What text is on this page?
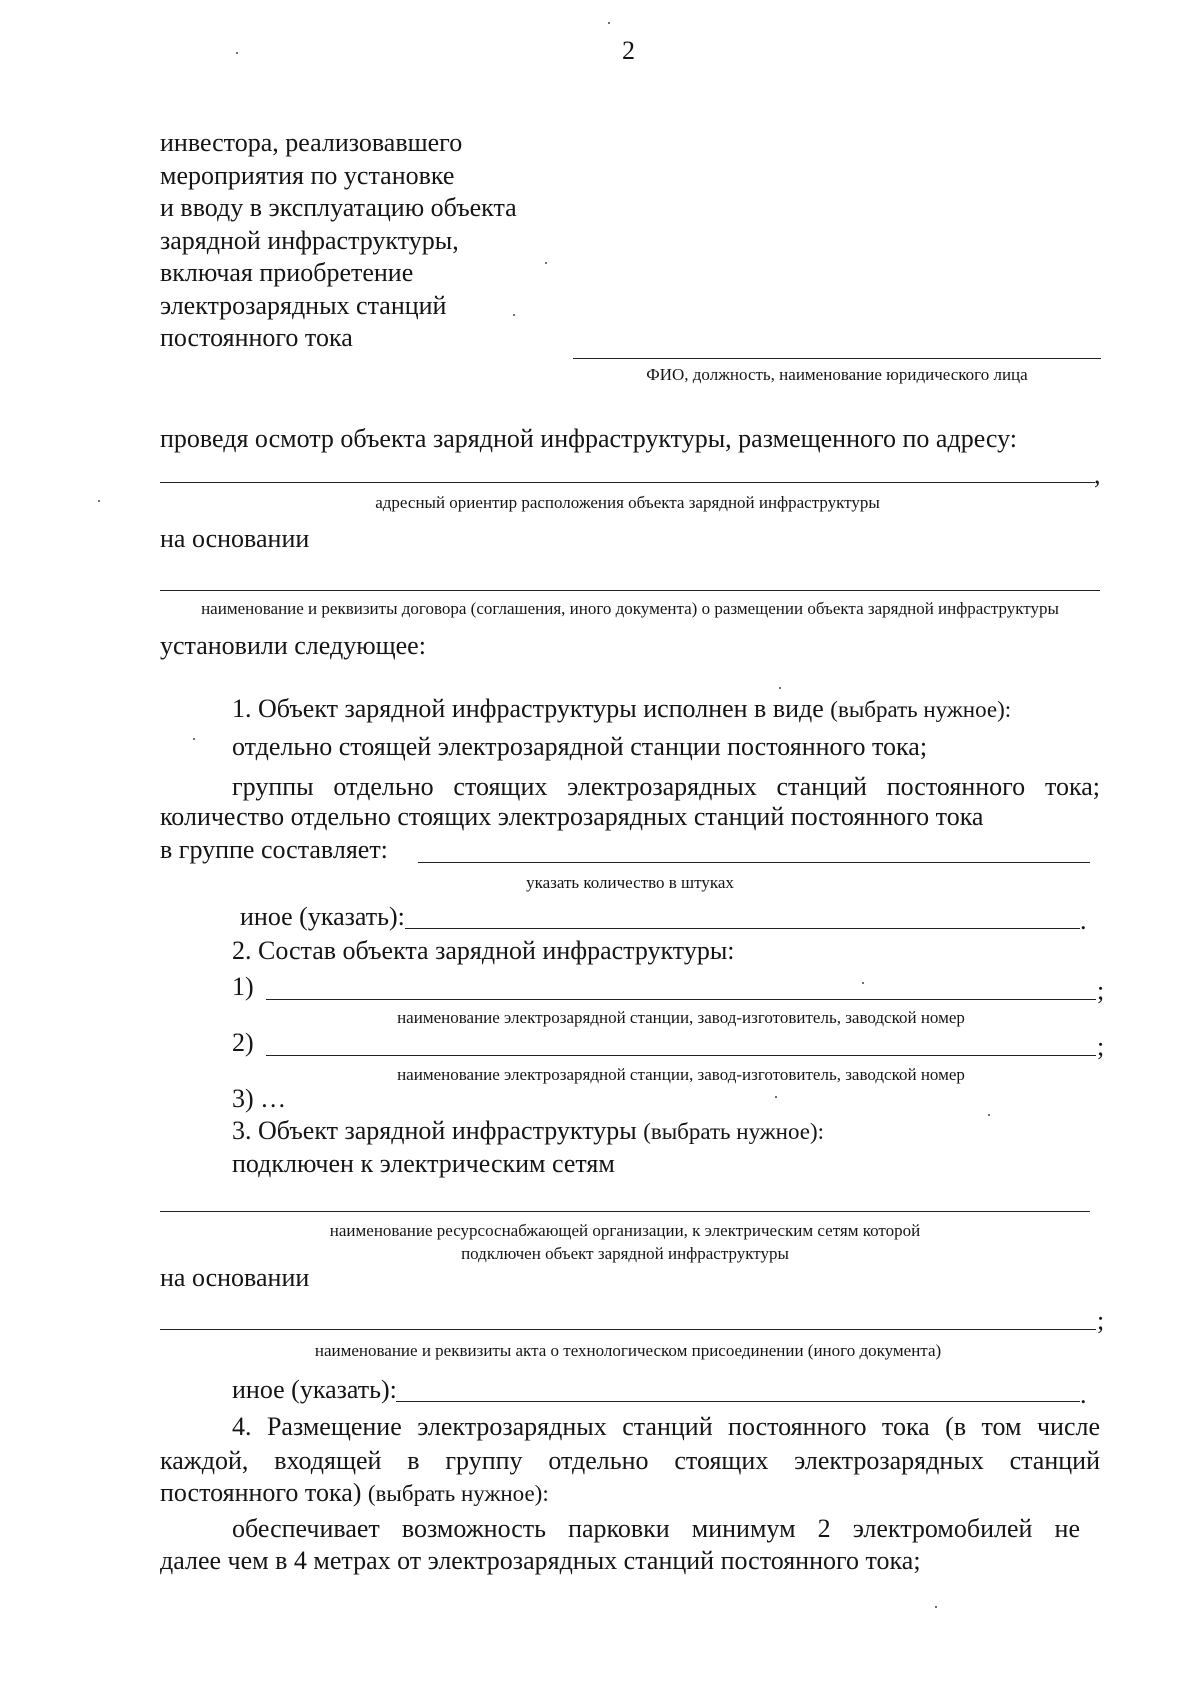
2
инвестора, реализовавшего
мероприятия по установке
и вводу в эксплуатацию объекта
зарядной инфраструктуры,
включая приобретение
электрозарядных станций
постоянного тока
ФИО, должность, наименование юридического лица
проведя осмотр объекта зарядной инфраструктуры, размещенного по адресу:
,
адресный ориентир расположения объекта зарядной инфраструктуры
на основании
наименование и реквизиты договора (соглашения, иного документа) о размещении объекта зарядной инфраструктуры
установили следующее:
1. Объект зарядной инфраструктуры исполнен в виде (выбрать нужное):
отдельно стоящей электрозарядной станции постоянного тока;
группы отдельно стоящих электрозарядных станций постоянного тока;
количество отдельно стоящих электрозарядных станций постоянного тока
в группе составляет:
указать количество в штуках
иное (указать):	.
2. Состав объекта зарядной инфраструктуры:
1)	;
наименование электрозарядной станции, завод-изготовитель, заводской номер
2)	;
наименование электрозарядной станции, завод-изготовитель, заводской номер
3) …
3. Объект зарядной инфраструктуры (выбрать нужное):
подключен к электрическим сетям
наименование ресурсоснабжающей организации, к электрическим сетям которой
подключен объект зарядной инфраструктуры
на основании
;
наименование и реквизиты акта о технологическом присоединении (иного документа)
иное (указать):	.
4. Размещение электрозарядных станций постоянного тока (в том числе
каждой, входящей в группу отдельно стоящих электрозарядных станций
постоянного тока) (выбрать нужное):
обеспечивает возможность парковки минимум 2 электромобилей не
далее чем в 4 метрах от электрозарядных станций постоянного тока;
